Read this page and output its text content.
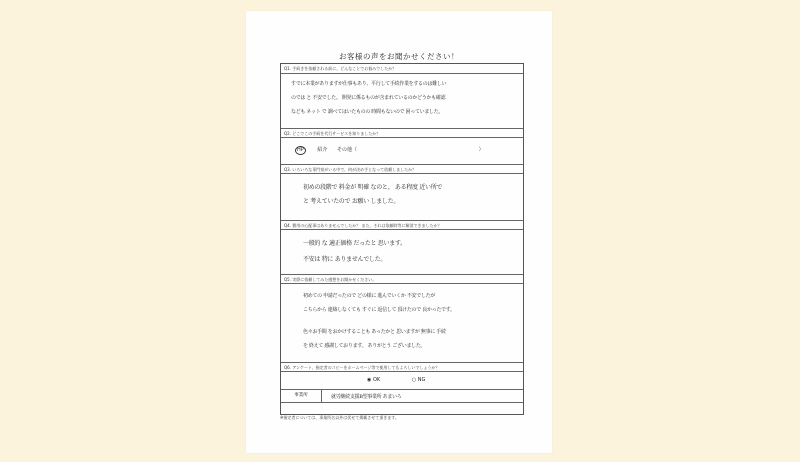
お客様の声をお聞かせください！
Q1. 手続きを依頼される前に、どんなことでお悩みでしたか？
すでに本業がありますが仕事もあり、平行して手続作業をするのは難しい
のでは と 不安でした。 開発に係るものが含まれているのかどうかも確認
なども ネット で 調べてはいたものの 時間もないので 困っていました。
Q2. どこでこの手続を代行サービスを知りましたか？
HP	紹介 その他（	）
Q3. いろいろな専門家がいる中で、何が決め手となって依頼しましたか？
初めの段階で 料金が 明確 なのと、 ある程度 近い所で
と 考えていたので お願い しました。
Q4. 費用の心配事はありませんでしたか？ また、それは依頼時等に解消できましたか？
一般的 な 適正価格 だったと 思います。
不安は 特に ありませんでした。
Q5. 実際に依頼してみた感想をお聞かせください。
初めての 申請だったので どの様に 進んでいくか 不安でしたが
こちらから 連絡しなくても すぐに 返信して 頂けたので 良かったです。
色々お手間 をおかけすることも あったかと 思いますが 無事に 手続
を 終えて 感謝しております。 ありがとう ございました。
Q6. アンケート、指定者のコピーをホームページ等で使用してもよろしいでしょうか？
◉ OK	○ NG
事業所	就労継続支援B型事業所 あまいろ
※指定者については、事業所名以外は伏せて掲載させて頂きます。
